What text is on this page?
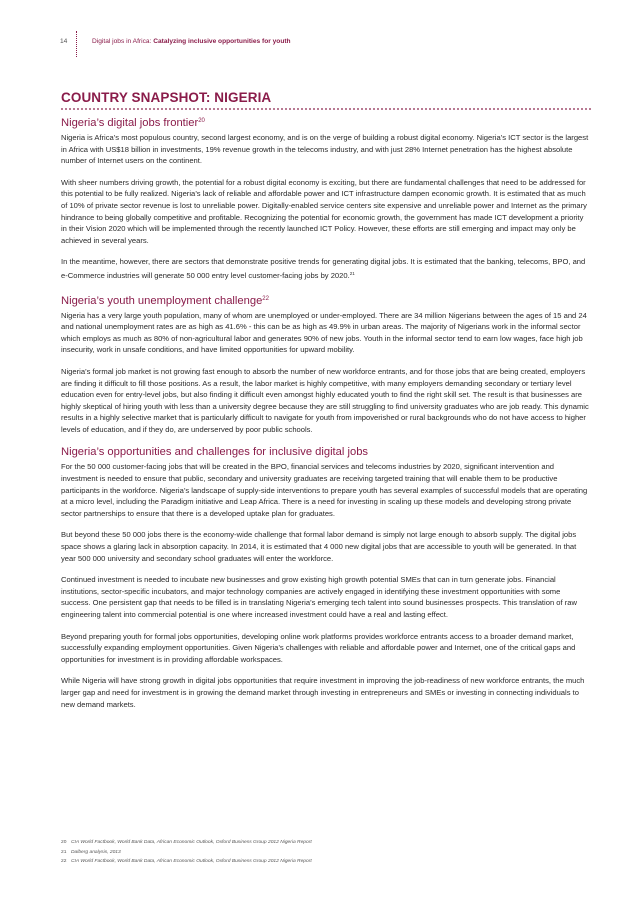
14	Digital jobs in Africa: Catalyzing inclusive opportunities for youth
COUNTRY SNAPSHOT: NIGERIA
Nigeria’s digital jobs frontier$^{20}$

Nigeria is Africa’s most populous country, second largest economy, and is on the verge of building a robust digital economy. Nigeria’s ICT sector is the largest in Africa with US$18 billion in investments, 19% revenue growth in the telecoms industry, and with just 28% Internet penetration has the highest absolute number of Internet users on the continent.

With sheer numbers driving growth, the potential for a robust digital economy is exciting, but there are fundamental challenges that need to be addressed for this potential to be fully realized. Nigeria’s lack of reliable and affordable power and ICT infrastructure dampen economic growth. It is estimated that as much of 10% of private sector revenue is lost to unreliable power. Digitally-enabled service centers site expensive and unreliable power and Internet as the primary hindrance to being globally competitive and profitable. Recognizing the potential for economic growth, the government has made ICT development a priority in their Vision 2020 which will be implemented through the recently launched ICT Policy. However, these efforts are still emerging and impact may only be achieved in several years.

In the meantime, however, there are sectors that demonstrate positive trends for generating digital jobs. It is estimated that the banking, telecoms, BPO, and e-Commerce industries will generate 50 000 entry level customer-facing jobs by 2020.21

Nigeria’s youth unemployment challenge$^{22}$

Nigeria has a very large youth population, many of whom are unemployed or under-employed. There are 34 million Nigerians between the ages of 15 and 24 and national unemployment rates are as high as 41.6% - this can be as high as 49.9% in urban areas. The majority of Nigerians work in the informal sector which employs as much as 80% of non-agricultural labor and generates 90% of new jobs. Youth in the informal sector tend to earn low wages, face high job insecurity, work in unsafe conditions, and have limited opportunities for upward mobility.

Nigeria’s formal job market is not growing fast enough to absorb the number of new workforce entrants, and for those jobs that are being created, employers are finding it difficult to fill those positions. As a result, the labor market is highly competitive, with many employers demanding secondary or tertiary level education even for entry-level jobs, but also finding it difficult even amongst highly educated youth to find the right skill set. The result is that businesses are highly skeptical of hiring youth with less than a university degree because they are still struggling to find university graduates who are job ready. This dynamic results in a highly selective market that is particularly difficult to navigate for youth from impoverished or rural backgrounds who do not have access to higher levels of education, and if they do, are underserved by poor public schools.

Nigeria’s opportunities and challenges for inclusive digital jobs

For the 50 000 customer-facing jobs that will be created in the BPO, financial services and telecoms industries by 2020, significant intervention and investment is needed to ensure that public, secondary and university graduates are receiving targeted training that will enable them to be productive participants in the workforce. Nigeria’s landscape of supply-side interventions to prepare youth has several examples of successful models that are operating at a micro level, including the Paradigm initiative and Leap Africa. There is a need for investing in scaling up these models and developing strong private sector partnerships to ensure that there is a developed uptake plan for graduates.

But beyond these 50 000 jobs there is the economy-wide challenge that formal labor demand is simply not large enough to absorb supply. The digital jobs space shows a glaring lack in absorption capacity. In 2014, it is estimated that 4 000 new digital jobs that are accessible to youth will be generated. In that year 500 000 university and secondary school graduates will enter the workforce.

Continued investment is needed to incubate new businesses and grow existing high growth potential SMEs that can in turn generate jobs. Financial institutions, sector-specific incubators, and major technology companies are actively engaged in identifying these investment opportunities with some success. One persistent gap that needs to be filled is in translating Nigeria’s emerging tech talent into sound businesses prospects. This translation of raw engineering talent into commercial potential is one where increased investment could have a real and lasting effect.

Beyond preparing youth for formal jobs opportunities, developing online work platforms provides workforce entrants access to a broader demand market, successfully expanding employment opportunities. Given Nigeria’s challenges with reliable and affordable power and Internet, one of the critical gaps and opportunities for investment is in providing affordable workspaces.

While Nigeria will have strong growth in digital jobs opportunities that require investment in improving the job-readiness of new workforce entrants, the much larger gap and need for investment is in growing the demand market through investing in entrepreneurs and SMEs or investing in connecting individuals to new demand markets.

20 CIA World Factbook, World Bank Data, African Economic Outlook, Oxford Business Group 2012 Nigeria Report
21 Dalberg analysis, 2013
22 CIA World Factbook, World Bank Data, African Economic Outlook, Oxford Business Group 2012 Nigeria Report
